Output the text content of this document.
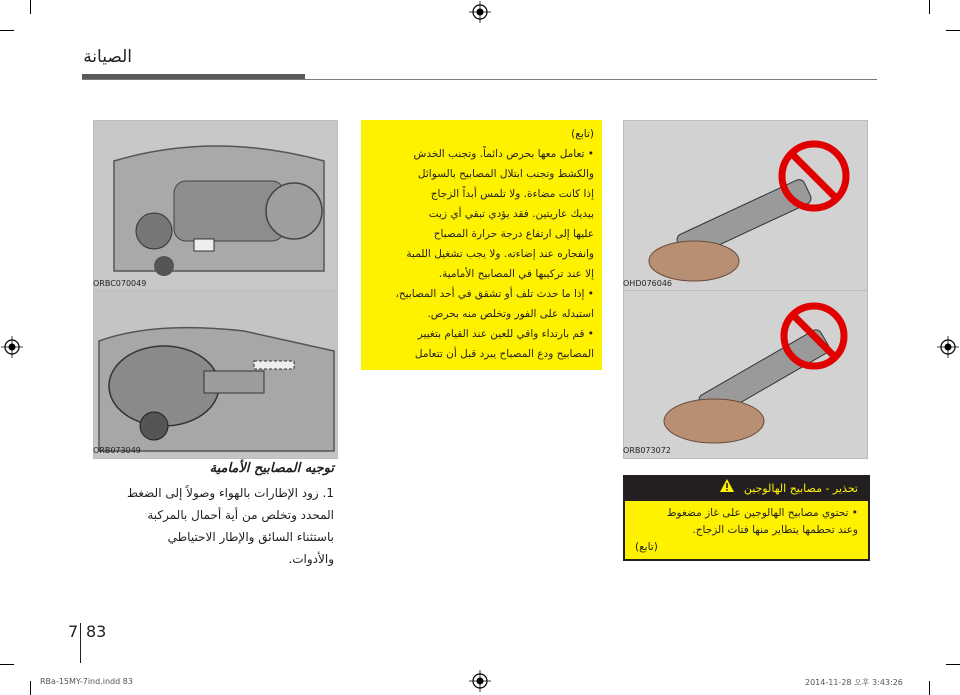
الصيانة
ORBC070049
ORB073049
توجيه المصابيح الأمامية
1. زود الإطارات بالهواء وصولاً إلى الضغط
المحدد وتخلص من أية أحمال بالمركبة
باستثناء السائق والإطار الاحتياطي
والأدوات.

(تابع)

• تعامل معها بحرص دائماً. وتجنب الخدش

والكشط وتجنب ابتلال المصابيح بالسوائل

إذا كانت مضاءة. ولا تلمس أبداً الزجاج

بيديك عاريتين. فقد يؤدي تبقي أي زيت

عليها إلى ارتفاع درجة حرارة المصباح

وانفجاره عند إضاءته. ولا يجب تشغيل اللمبة

إلا عند تركيبها في المصابيح الأمامية.

• إذا ما حدث تلف أو تشقق في أحد المصابيح،

استبدله على الفور وتخلص منه بحرص.

• قم بارتداء واقي للعين عند القيام بتغيير

المصابيح ودع المصباح يبرد قبل أن تتعامل

OHD076046
ORB073072
تحذير - مصابيح الهالوجين
• تحتوي مصابيح الهالوجين على غاز مضغوط
وعند تحطمها يتطاير منها فتات الزجاج.
(تابع)
7 83
RBa-15MY-7ind.indd 83	2014-11-28 오후 3:43:26
